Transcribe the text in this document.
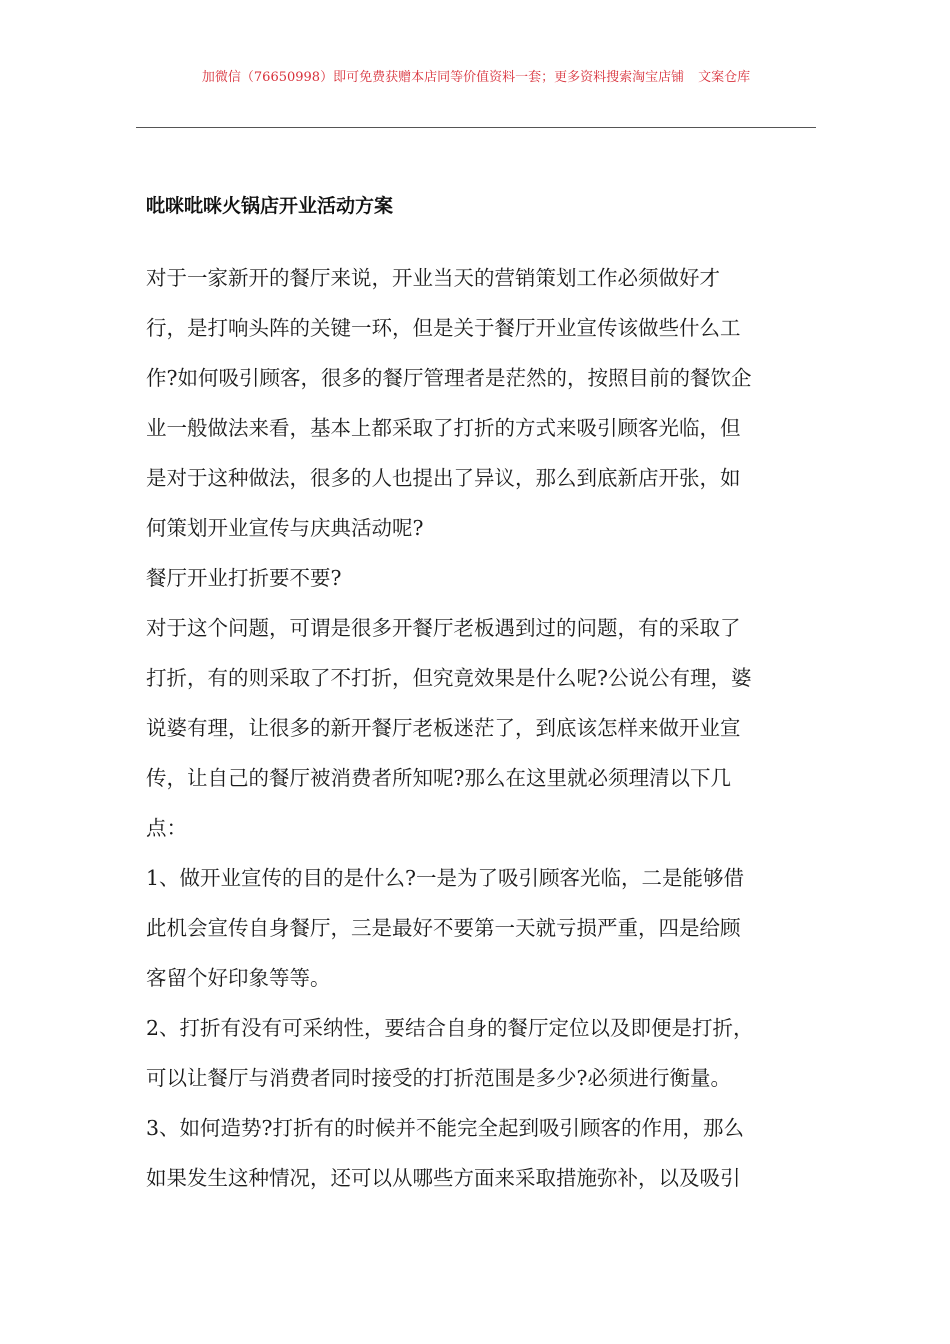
加微信（76650998）即可免费获赠本店同等价值资料一套；更多资料搜索淘宝店铺 文案仓库
吡咪吡咪火锅店开业活动方案
对于一家新开的餐厅来说，开业当天的营销策划工作必须做好才
行，是打响头阵的关键一环，但是关于餐厅开业宣传该做些什么工
作?如何吸引顾客，很多的餐厅管理者是茫然的，按照目前的餐饮企
业一般做法来看，基本上都采取了打折的方式来吸引顾客光临，但
是对于这种做法，很多的人也提出了异议，那么到底新店开张，如
何策划开业宣传与庆典活动呢?
餐厅开业打折要不要?
对于这个问题，可谓是很多开餐厅老板遇到过的问题，有的采取了
打折，有的则采取了不打折，但究竟效果是什么呢?公说公有理，婆
说婆有理，让很多的新开餐厅老板迷茫了，到底该怎样来做开业宣
传，让自己的餐厅被消费者所知呢?那么在这里就必须理清以下几
点：
1、做开业宣传的目的是什么?一是为了吸引顾客光临，二是能够借
此机会宣传自身餐厅，三是最好不要第一天就亏损严重，四是给顾
客留个好印象等等。
2、打折有没有可采纳性，要结合自身的餐厅定位以及即便是打折，
可以让餐厅与消费者同时接受的打折范围是多少?必须进行衡量。
3、如何造势?打折有的时候并不能完全起到吸引顾客的作用，那么
如果发生这种情况，还可以从哪些方面来采取措施弥补，以及吸引
